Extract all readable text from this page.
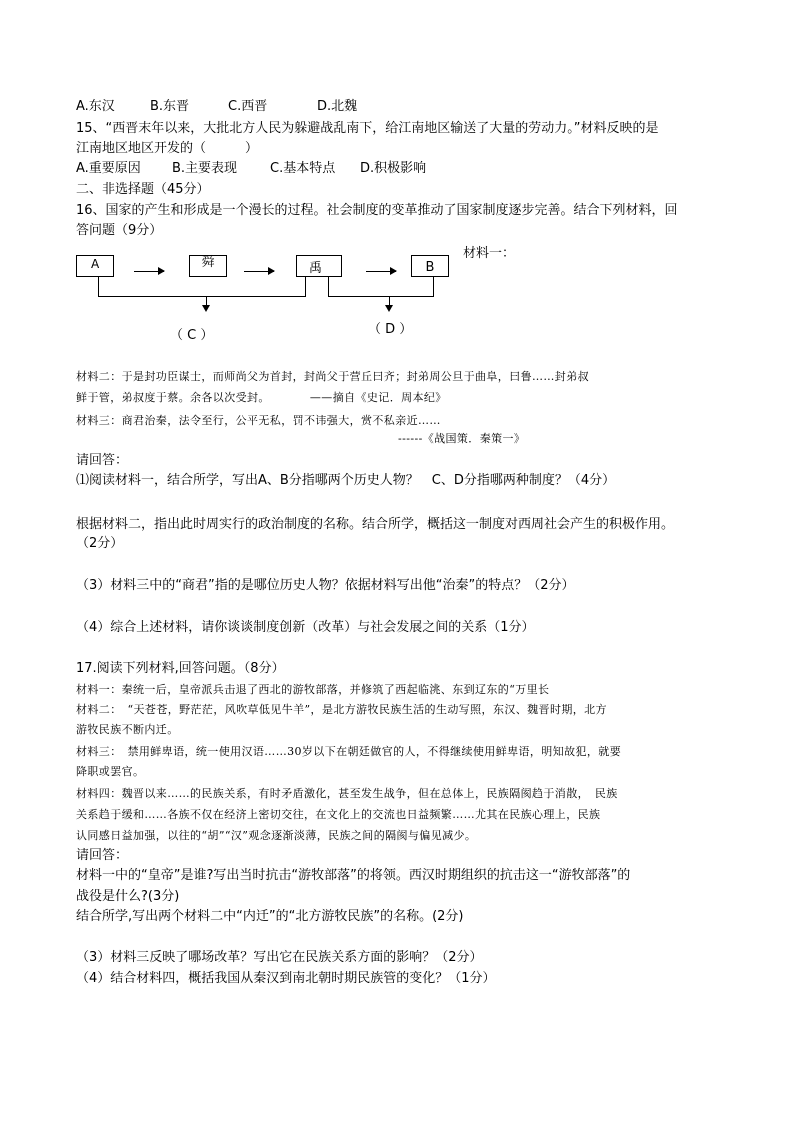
A.东汉	B.东晋	C.西晋	D.北魏
15、“西晋末年以来，大批北方人民为躲避战乱南下，给江南地区输送了大量的劳动力。”材料反映的是
江南地区地区开发的（　　　）
A.重要原因 B.主要表现	C.基本特点 D.积极影响
二、非选择题（45分）
16、国家的产生和形成是一个漫长的过程。社会制度的变革推动了国家制度逐步完善。结合下列材料，回
答问题（9分）
A	舜	禹	B
材料一：
（ C ）	（ D ）
材料二：于是封功臣谋士，而师尚父为首封，封尚父于营丘曰齐；封弟周公旦于曲阜，曰鲁……封弟叔
鲜于管，弟叔度于蔡。余各以次受封。　　　　——摘自《史记．周本纪》
材料三：商君治秦，法令至行，公平无私，罚不讳强大，赏不私亲近……
------《战国策．秦策一》
请回答：
⑴阅读材料一，结合所学，写出A、B分指哪两个历史人物？　C、D分指哪两种制度？（4分）
根据材料二，指出此时周实行的政治制度的名称。结合所学，概括这一制度对西周社会产生的积极作用。
（2分）
（3）材料三中的“商君”指的是哪位历史人物？依据材料写出他“治秦”的特点？（2分）
（4）综合上述材料，请你谈谈制度创新（改革）与社会发展之间的关系（1分）
17.阅读下列材料,回答问题。（8分）
材料一：秦统一后，皇帝派兵击退了西北的游牧部落，并修筑了西起临洮、东到辽东的“万里长
材料二：　“天苍苍，野茫茫，风吹草低见牛羊”，是北方游牧民族生活的生动写照，东汉、魏晋时期，北方
游牧民族不断内迁。
材料三：　禁用鲜卑语，统一使用汉语……30岁以下在朝廷做官的人，不得继续使用鲜卑语，明知故犯，就要
降职或罢官。
材料四：魏晋以来……的民族关系，有时矛盾激化，甚至发生战争，但在总体上，民族隔阂趋于消散，　民族
关系趋于缓和……各族不仅在经济上密切交往，在文化上的交流也日益频繁……尤其在民族心理上，民族
认同感日益加强，以往的“胡”“汉”观念逐渐淡薄，民族之间的隔阂与偏见减少。
请回答：
材料一中的“皇帝”是谁?写出当时抗击“游牧部落”的将领。西汉时期组织的抗击这一“游牧部落”的
战役是什么?(3分)
结合所学,写出两个材料二中“内迁”的“北方游牧民族”的名称。(2分)
（3）材料三反映了哪场改革？写出它在民族关系方面的影响？（2分）
（4）结合材料四，概括我国从秦汉到南北朝时期民族管的变化？（1分）
